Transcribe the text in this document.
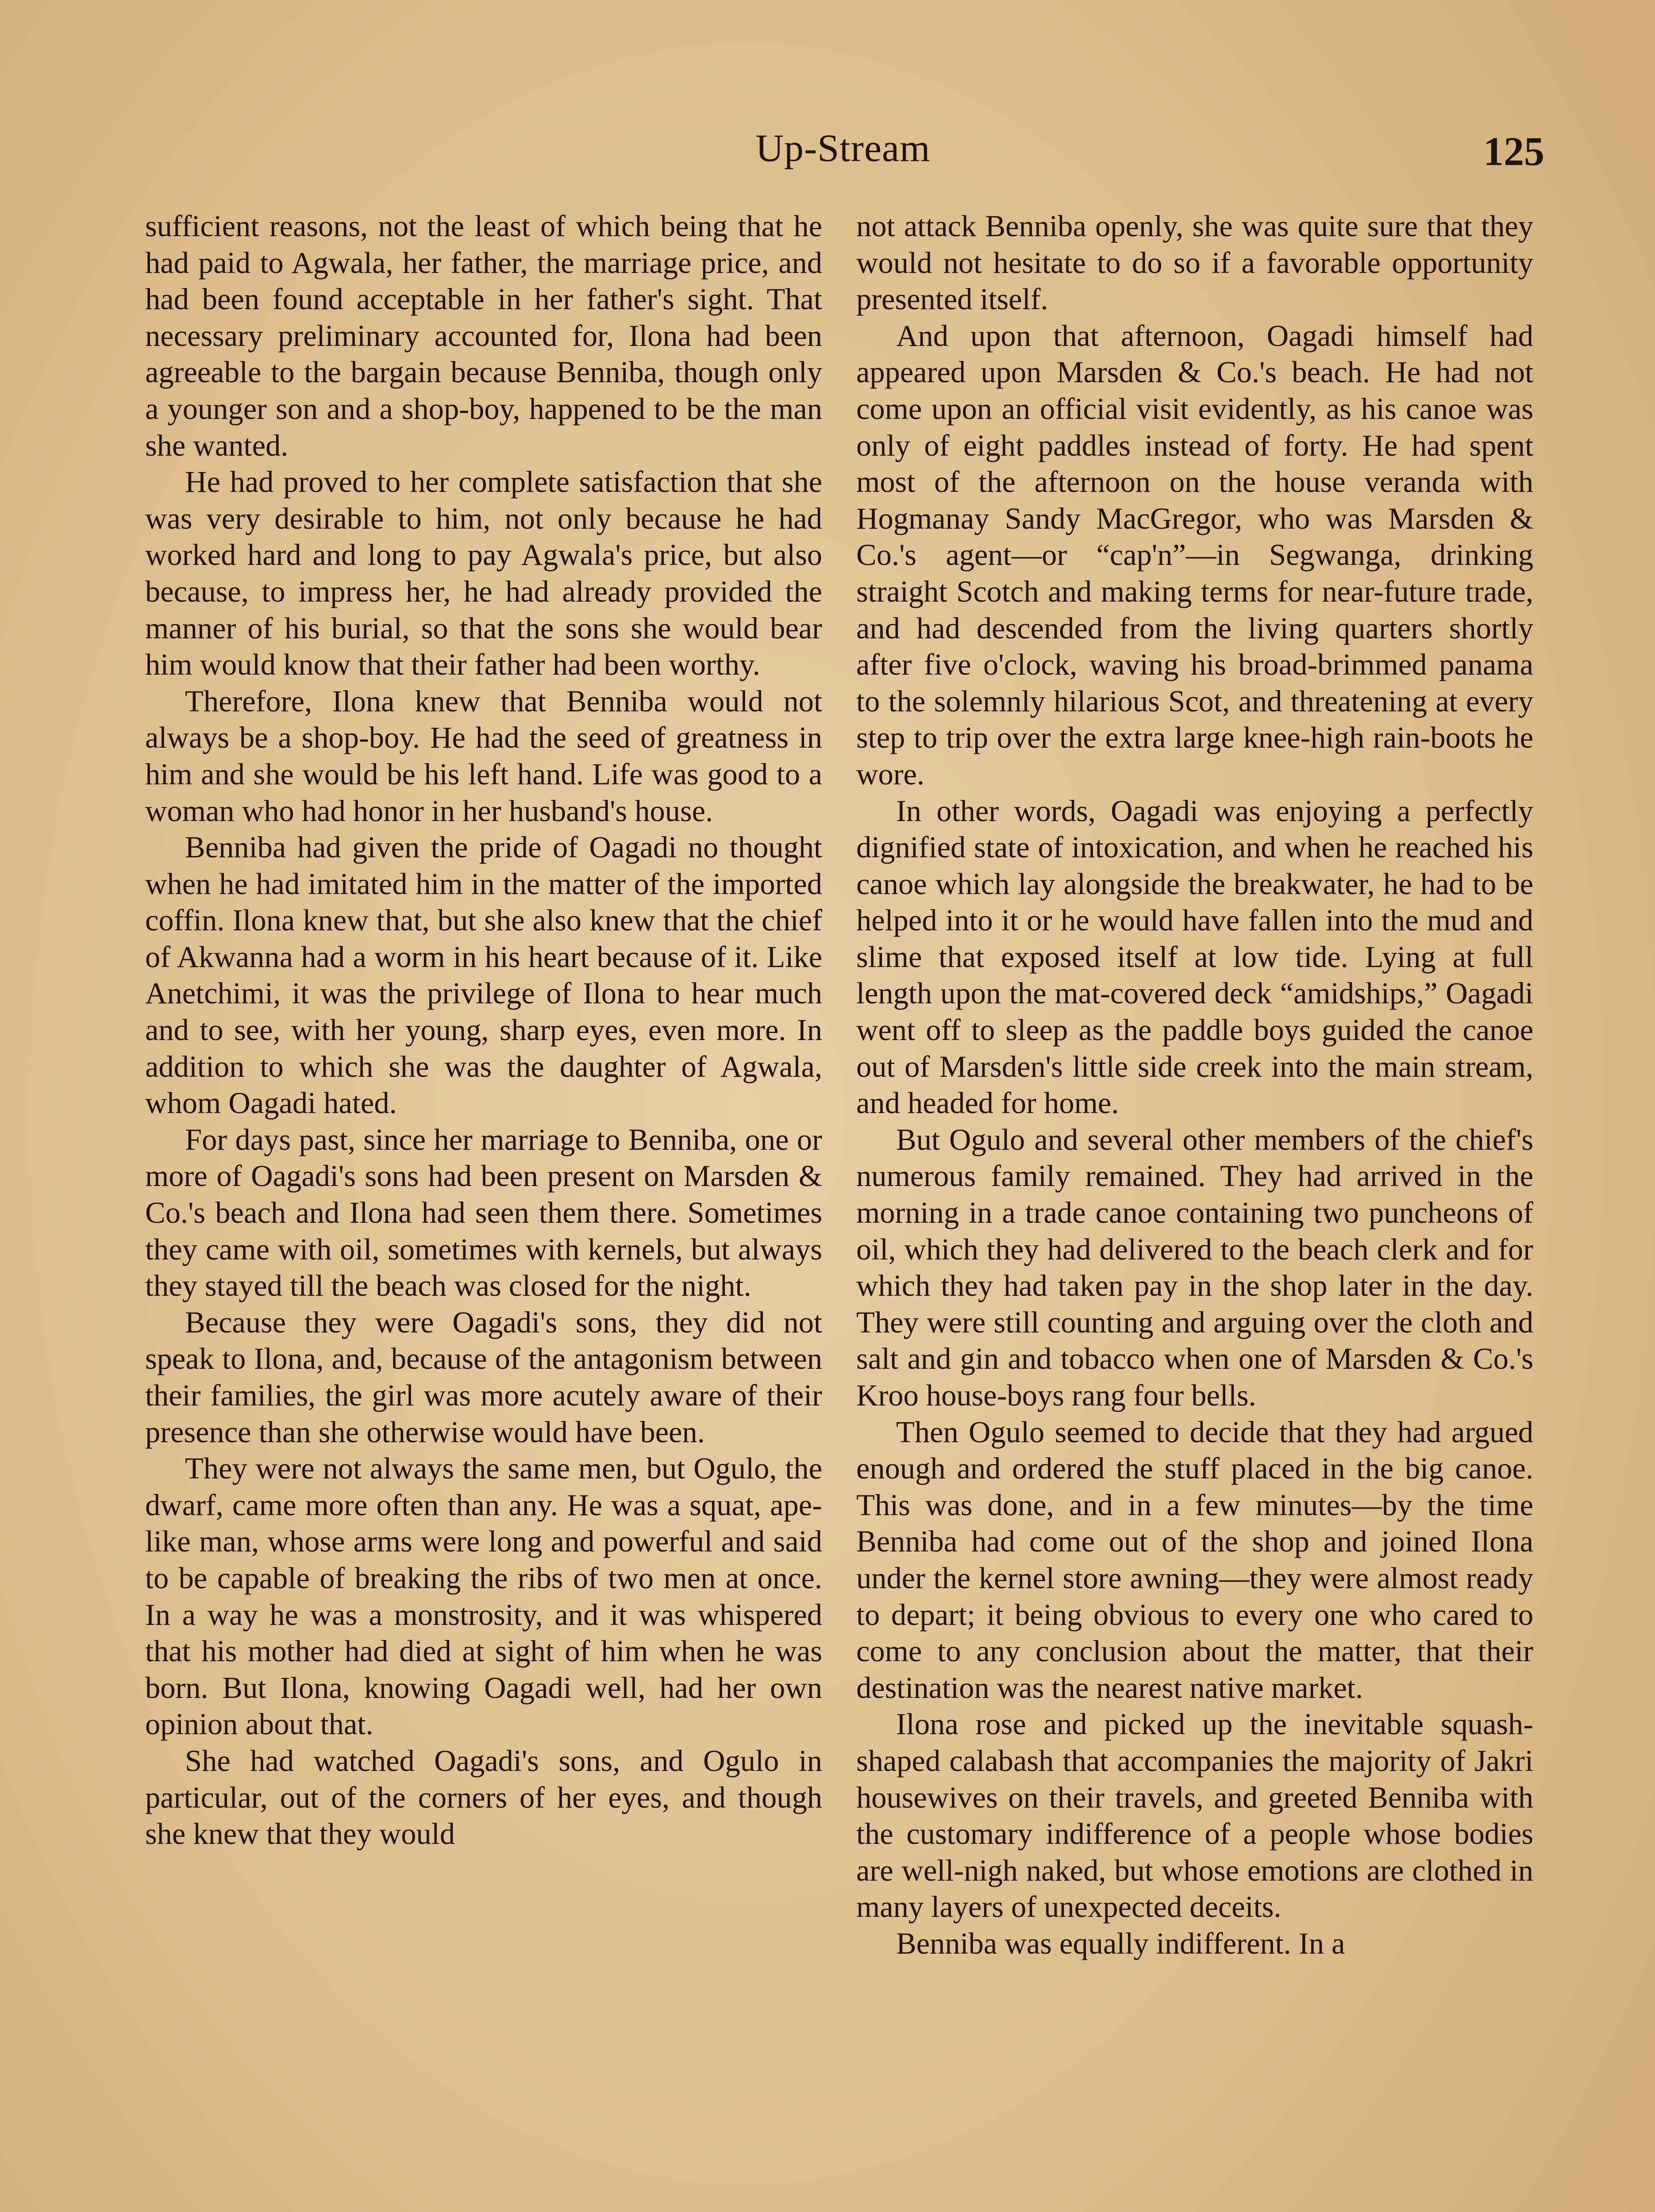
Up-Stream	125

sufficient reasons, not the least of which being that he had paid to Agwala, her father, the marriage price, and had been found acceptable in her father's sight. That necessary preliminary accounted for, Ilona had been agreeable to the bargain because Benniba, though only a younger son and a shop-boy, happened to be the man she wanted.

He had proved to her complete satisfaction that she was very desirable to him, not only because he had worked hard and long to pay Agwala's price, but also because, to impress her, he had already provided the manner of his burial, so that the sons she would bear him would know that their father had been worthy.

Therefore, Ilona knew that Benniba would not always be a shop-boy. He had the seed of greatness in him and she would be his left hand. Life was good to a woman who had honor in her husband's house.

Benniba had given the pride of Oagadi no thought when he had imitated him in the matter of the imported coffin. Ilona knew that, but she also knew that the chief of Akwanna had a worm in his heart because of it. Like Anetchimi, it was the privilege of Ilona to hear much and to see, with her young, sharp eyes, even more. In addition to which she was the daughter of Agwala, whom Oagadi hated.

For days past, since her marriage to Benniba, one or more of Oagadi's sons had been present on Marsden & Co.'s beach and Ilona had seen them there. Sometimes they came with oil, sometimes with kernels, but always they stayed till the beach was closed for the night.

Because they were Oagadi's sons, they did not speak to Ilona, and, because of the antagonism between their families, the girl was more acutely aware of their presence than she otherwise would have been.

They were not always the same men, but Ogulo, the dwarf, came more often than any. He was a squat, ape-like man, whose arms were long and powerful and said to be capable of breaking the ribs of two men at once. In a way he was a monstrosity, and it was whispered that his mother had died at sight of him when he was born. But Ilona, knowing Oagadi well, had her own opinion about that.

She had watched Oagadi's sons, and Ogulo in particular, out of the corners of her eyes, and though she knew that they would

not attack Benniba openly, she was quite sure that they would not hesitate to do so if a favorable opportunity presented itself.

And upon that afternoon, Oagadi himself had appeared upon Marsden & Co.'s beach. He had not come upon an official visit evidently, as his canoe was only of eight paddles instead of forty. He had spent most of the afternoon on the house veranda with Hogmanay Sandy MacGregor, who was Marsden & Co.'s agent—or “cap'n”—in Segwanga, drinking straight Scotch and making terms for near-future trade, and had descended from the living quarters shortly after five o'clock, waving his broad-brimmed panama to the solemnly hilarious Scot, and threatening at every step to trip over the extra large knee-high rain-boots he wore.

In other words, Oagadi was enjoying a perfectly dignified state of intoxication, and when he reached his canoe which lay alongside the breakwater, he had to be helped into it or he would have fallen into the mud and slime that exposed itself at low tide. Lying at full length upon the mat-covered deck “amidships,” Oagadi went off to sleep as the paddle boys guided the canoe out of Marsden's little side creek into the main stream, and headed for home.

But Ogulo and several other members of the chief's numerous family remained. They had arrived in the morning in a trade canoe containing two puncheons of oil, which they had delivered to the beach clerk and for which they had taken pay in the shop later in the day. They were still counting and arguing over the cloth and salt and gin and tobacco when one of Marsden & Co.'s Kroo house-boys rang four bells.

Then Ogulo seemed to decide that they had argued enough and ordered the stuff placed in the big canoe. This was done, and in a few minutes—by the time Benniba had come out of the shop and joined Ilona under the kernel store awning—they were almost ready to depart; it being obvious to every one who cared to come to any conclusion about the matter, that their destination was the nearest native market.

Ilona rose and picked up the inevitable squash-shaped calabash that accompanies the majority of Jakri housewives on their travels, and greeted Benniba with the customary indifference of a people whose bodies are well-nigh naked, but whose emotions are clothed in many layers of unexpected deceits.

Benniba was equally indifferent. In a
